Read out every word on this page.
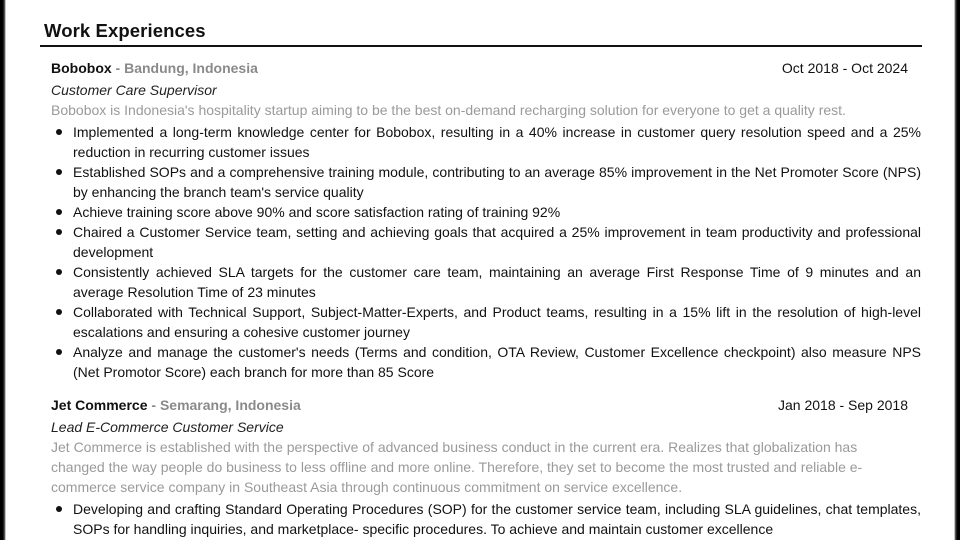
Work Experiences
Bobobox - Bandung, Indonesia	Oct 2018 - Oct 2024
Customer Care Supervisor
Bobobox is Indonesia's hospitality startup aiming to be the best on-demand recharging solution for everyone to get a quality rest.
Implemented a long-term knowledge center for Bobobox, resulting in a 40% increase in customer query resolution speed and a 25% reduction in recurring customer issues
Established SOPs and a comprehensive training module, contributing to an average 85% improvement in the Net Promoter Score (NPS) by enhancing the branch team's service quality
Achieve training score above 90% and score satisfaction rating of training 92%
Chaired a Customer Service team, setting and achieving goals that acquired a 25% improvement in team productivity and professional development
Consistently achieved SLA targets for the customer care team, maintaining an average First Response Time of 9 minutes and an average Resolution Time of 23 minutes
Collaborated with Technical Support, Subject-Matter-Experts, and Product teams, resulting in a 15% lift in the resolution of high-level escalations and ensuring a cohesive customer journey
Analyze and manage the customer's needs (Terms and condition, OTA Review, Customer Excellence checkpoint) also measure NPS (Net Promotor Score) each branch for more than 85 Score
Jet Commerce - Semarang, Indonesia	Jan 2018 - Sep 2018
Lead E-Commerce Customer Service
Jet Commerce is established with the perspective of advanced business conduct in the current era. Realizes that globalization has changed the way people do business to less offline and more online. Therefore, they set to become the most trusted and reliable e-commerce service company in Southeast Asia through continuous commitment on service excellence.
Developing and crafting Standard Operating Procedures (SOP) for the customer service team, including SLA guidelines, chat templates, SOPs for handling inquiries, and marketplace- specific procedures. To achieve and maintain customer excellence
